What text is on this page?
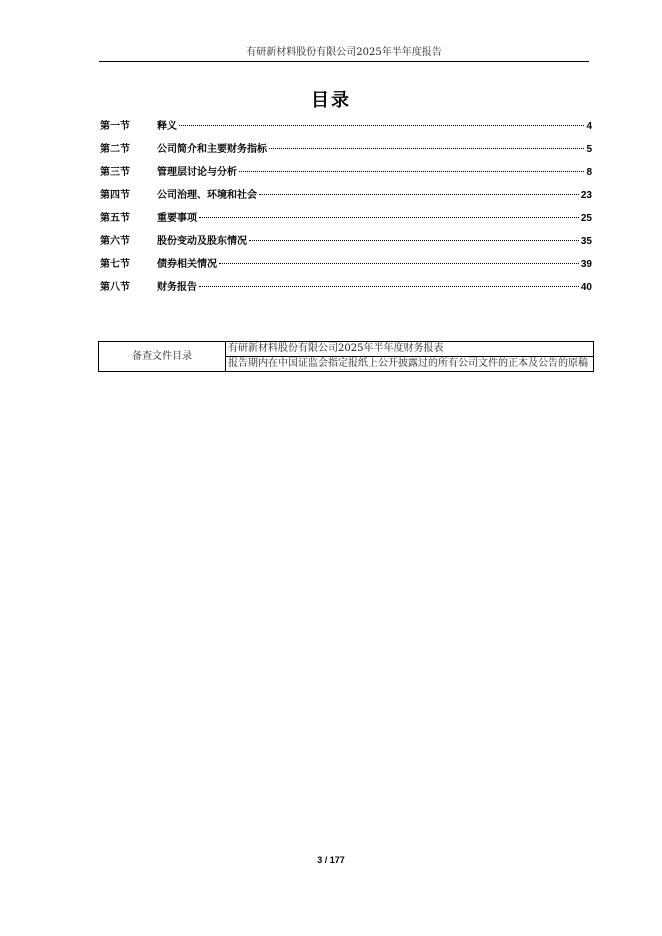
有研新材料股份有限公司2025年半年度报告
目录
第一节	释义	4
第二节	公司简介和主要财务指标	5
第三节	管理层讨论与分析	8
第四节	公司治理、环境和社会	23
第五节	重要事项	25
第六节	股份变动及股东情况	35
第七节	债券相关情况	39
第八节	财务报告	40
备查文件目录	有研新材料股份有限公司2025年半年度财务报表
报告期内在中国证监会指定报纸上公开披露过的所有公司文件的正本及公告的原稿
3 / 177
